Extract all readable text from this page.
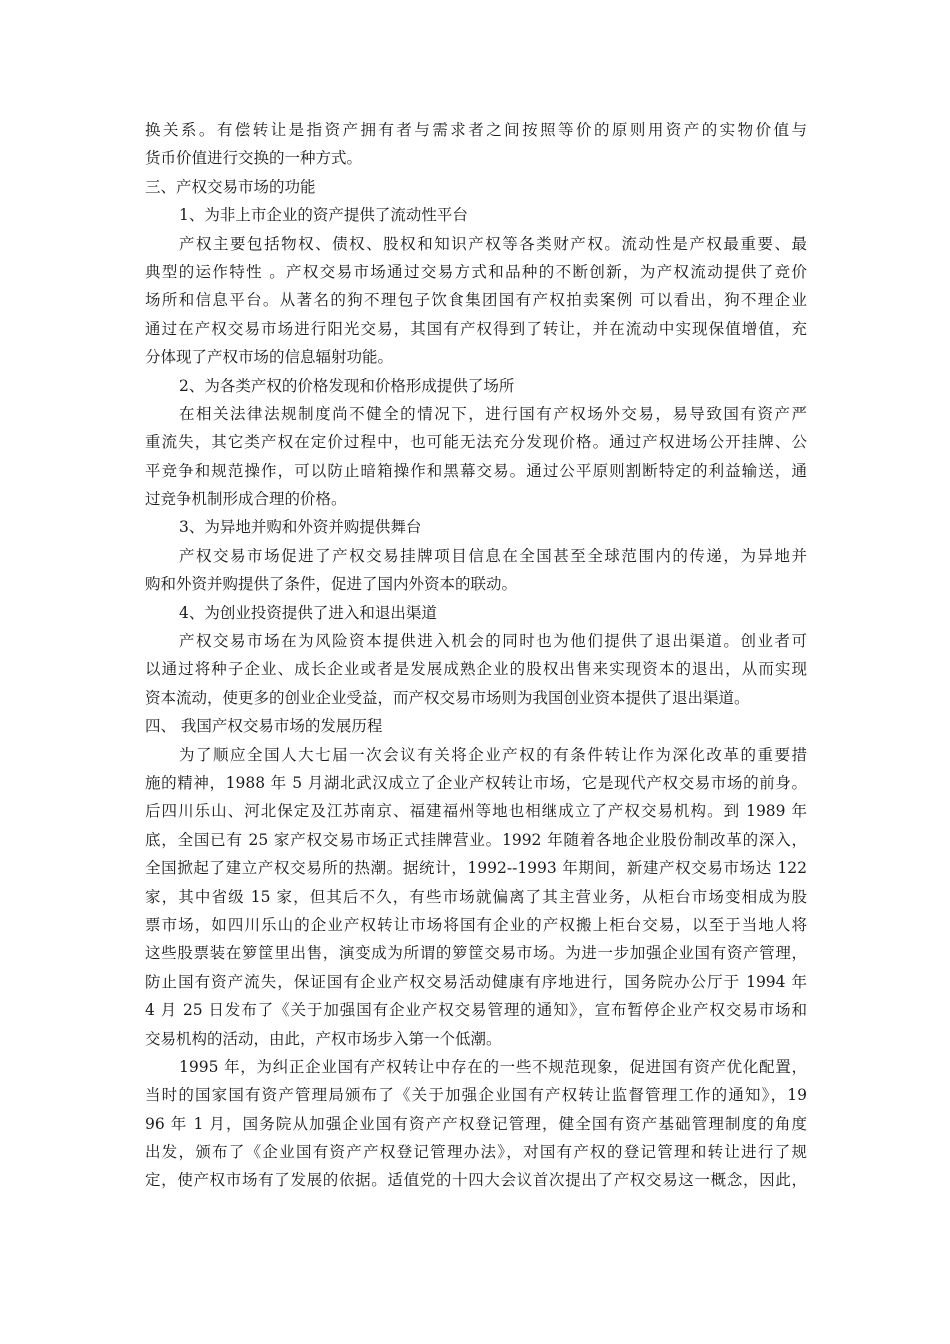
换关系。有偿转让是指资产拥有者与需求者之间按照等价的原则用资产的实物价值与
货币价值进行交换的一种方式。
三、产权交易市场的功能
1、为非上市企业的资产提供了流动性平台
产权主要包括物权、债权、股权和知识产权等各类财产权。流动性是产权最重要、最
典型的运作特性 。产权交易市场通过交易方式和品种的不断创新，为产权流动提供了竞价
场所和信息平台。从著名的狗不理包子饮食集团国有产权拍卖案例 可以看出，狗不理企业
通过在产权交易市场进行阳光交易，其国有产权得到了转让，并在流动中实现保值增值，充
分体现了产权市场的信息辐射功能。
2、为各类产权的价格发现和价格形成提供了场所
在相关法律法规制度尚不健全的情况下，进行国有产权场外交易，易导致国有资产严
重流失，其它类产权在定价过程中，也可能无法充分发现价格。通过产权进场公开挂牌、公
平竞争和规范操作，可以防止暗箱操作和黑幕交易。通过公平原则割断特定的利益输送，通
过竞争机制形成合理的价格。
3、为异地并购和外资并购提供舞台
产权交易市场促进了产权交易挂牌项目信息在全国甚至全球范围内的传递，为异地并
购和外资并购提供了条件，促进了国内外资本的联动。
4、为创业投资提供了进入和退出渠道
产权交易市场在为风险资本提供进入机会的同时也为他们提供了退出渠道。创业者可
以通过将种子企业、成长企业或者是发展成熟企业的股权出售来实现资本的退出，从而实现
资本流动，使更多的创业企业受益，而产权交易市场则为我国创业资本提供了退出渠道。
四、 我国产权交易市场的发展历程
为了顺应全国人大七届一次会议有关将企业产权的有条件转让作为深化改革的重要措
施的精神，1988 年 5 月湖北武汉成立了企业产权转让市场，它是现代产权交易市场的前身。
后四川乐山、河北保定及江苏南京、福建福州等地也相继成立了产权交易机构。到 1989 年
底，全国已有 25 家产权交易市场正式挂牌营业。1992 年随着各地企业股份制改革的深入，
全国掀起了建立产权交易所的热潮。据统计，1992--1993 年期间，新建产权交易市场达 122
家，其中省级 15 家，但其后不久，有些市场就偏离了其主营业务，从柜台市场变相成为股
票市场，如四川乐山的企业产权转让市场将国有企业的产权搬上柜台交易，以至于当地人将
这些股票装在箩筐里出售，演变成为所谓的箩筐交易市场。为进一步加强企业国有资产管理，
防止国有资产流失，保证国有企业产权交易活动健康有序地进行，国务院办公厅于 1994 年
4 月 25 日发布了《关于加强国有企业产权交易管理的通知》，宣布暂停企业产权交易市场和
交易机构的活动，由此，产权市场步入第一个低潮。
1995 年，为纠正企业国有产权转让中存在的一些不规范现象，促进国有资产优化配置，
当时的国家国有资产管理局颁布了《关于加强企业国有产权转让监督管理工作的通知》，19
96 年 1 月，国务院从加强企业国有资产产权登记管理，健全国有资产基础管理制度的角度
出发，颁布了《企业国有资产产权登记管理办法》，对国有产权的登记管理和转让进行了规
定，使产权市场有了发展的依据。适值党的十四大会议首次提出了产权交易这一概念，因此，
